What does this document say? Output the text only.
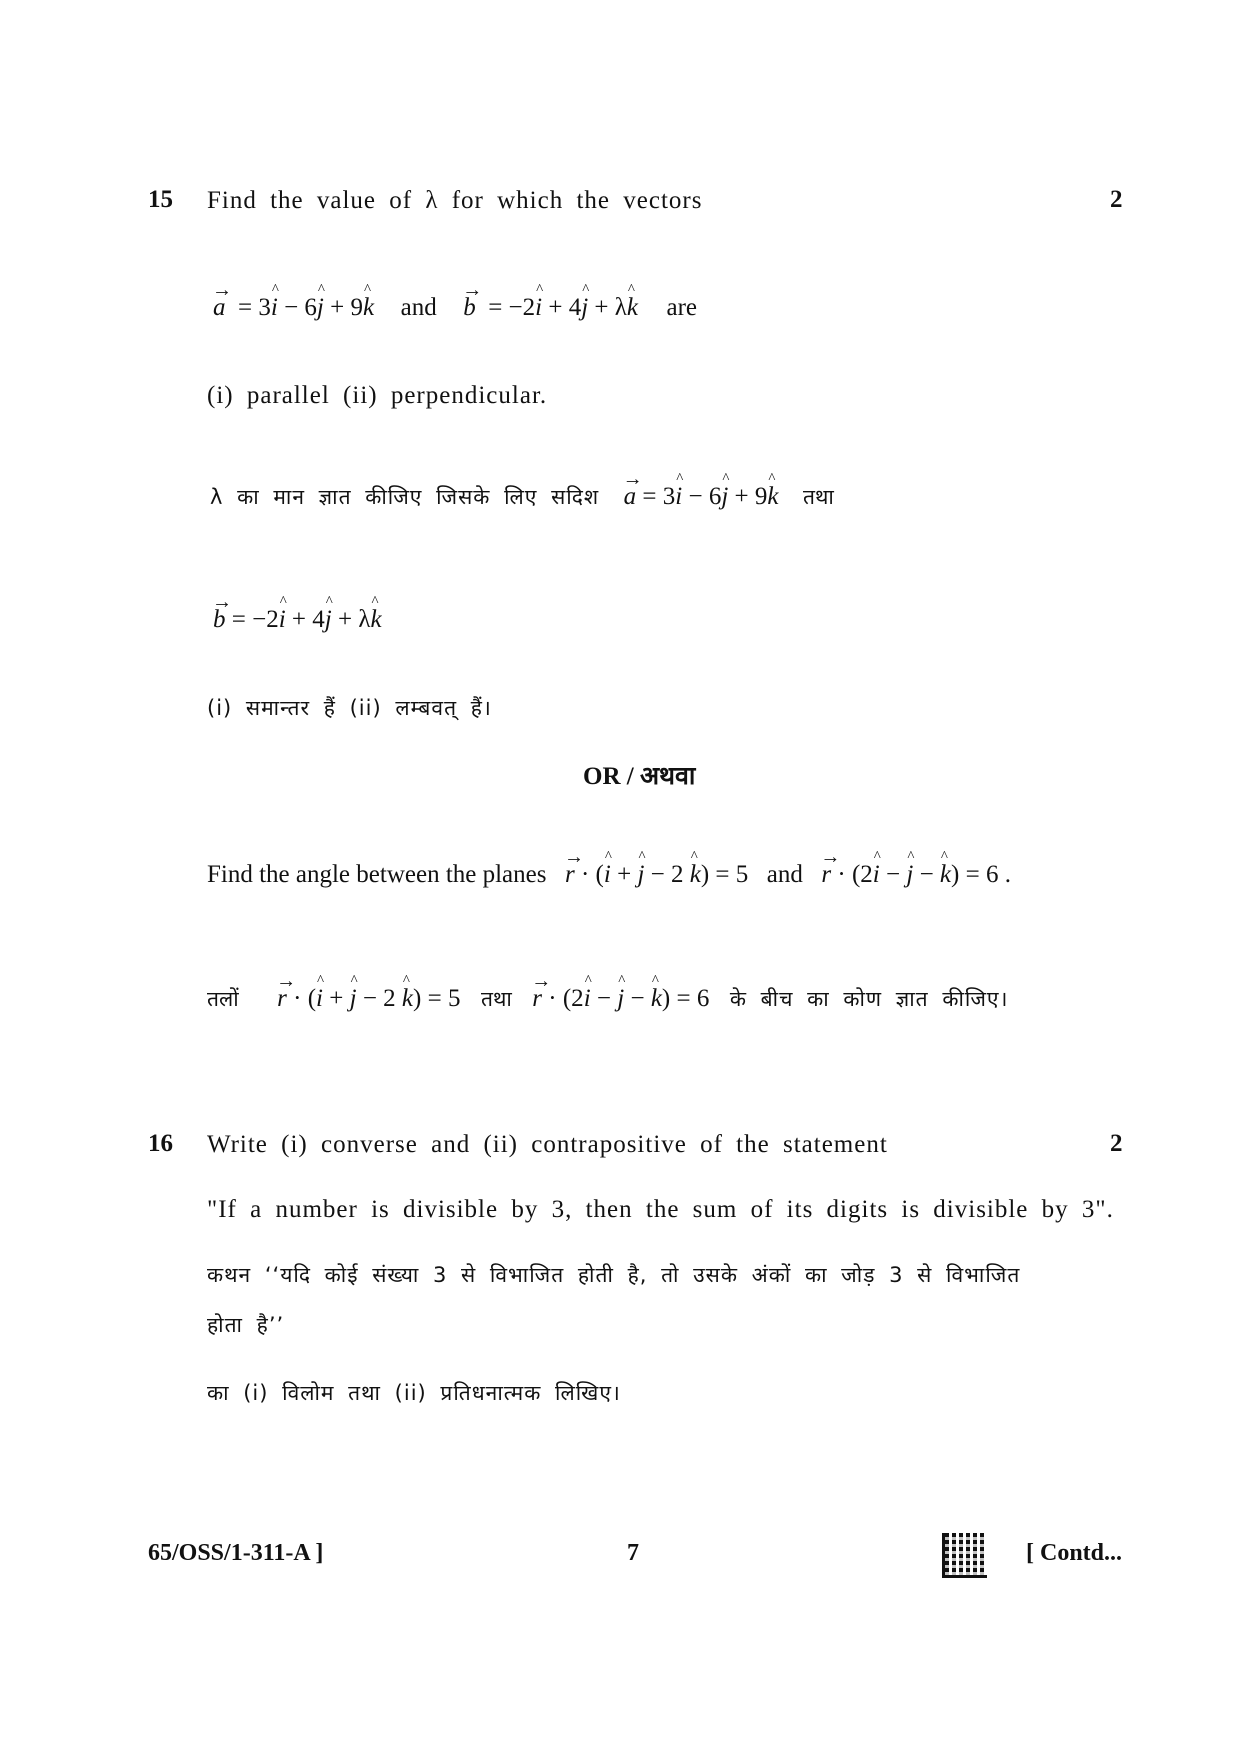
15 Find the value of λ for which the vectors	2
→
a  = 3
^
i − 6
^
j + 9
^
k and
→
b  = −2
^
i + 4
^
j + λ
^
k are
(i) parallel (ii) perpendicular.
λ का मान ज्ञात कीजिए जिसके लिए सदिश
→
a = 3
^
i − 6
^
j + 9
^
k तथा
→
b = −2
^
i + 4
^
j + λ
^
k
(i) समान्तर हैं (ii) लम्बवत् हैं।
OR / अथवा
Find the angle between the planes
→
r · (
^
i +
^
j − 2
^
k) = 5 and
→
r · (2
^
i −
^
j −
^
k) = 6 .
तलों
→
r · (
^
i +
^
j − 2
^
k) = 5 तथा
→
r · (2
^
i −
^
j −
^
k) = 6 के बीच का कोण ज्ञात कीजिए।
16 Write (i) converse and (ii) contrapositive of the statement	2
"If a number is divisible by 3, then the sum of its digits is divisible by 3".
कथन ‘‘यदि कोई संख्या 3 से विभाजित होती है, तो उसके अंकों का जोड़ 3 से विभाजित
होता है’’
का (i) विलोम तथा (ii) प्रतिधनात्मक लिखिए।
65/OSS/1-311-A ]	7	[ Contd...
